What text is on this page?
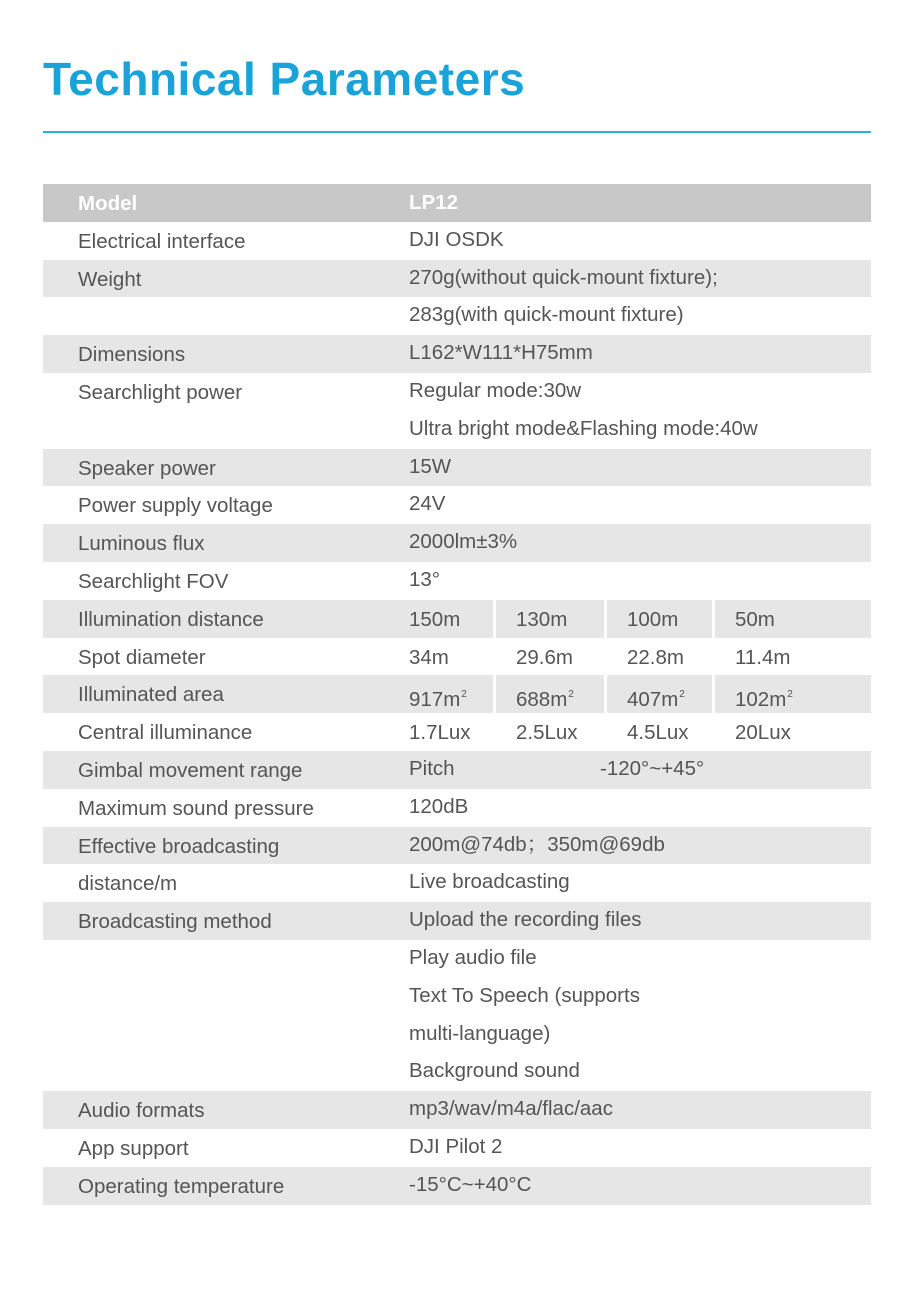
Technical Parameters
Model	LP12
Electrical interface	DJI OSDK
Weight	270g(without quick-mount fixture);
283g(with quick-mount fixture)
Dimensions	L162*W111*H75mm
Searchlight power	Regular mode:30w
Ultra bright mode&Flashing mode:40w
Speaker power	15W
Power supply voltage	24V
Luminous flux	2000lm±3%
Searchlight FOV	13°
Illumination distance	150m	130m	100m	50m
Spot diameter	34m	29.6m	22.8m 11.4m
Illuminated area	$917m^2$ $688m^2$	$407m^2$ $102m^2$
Central illuminance	1.7Lux 2.5Lux 4.5Lux 20Lux
Gimbal movement range	Pitch	-120°~+45°
Maximum sound pressure	120dB
Effective broadcasting	200m@74db；350m@69db
distance/m	Live broadcasting
Broadcasting method	Upload the recording files
Play audio file
Text To Speech (supports
multi-language)
Background sound
Audio formats	mp3/wav/m4a/flac/aac
App support	DJI Pilot 2
Operating temperature	-15°C~+40°C
